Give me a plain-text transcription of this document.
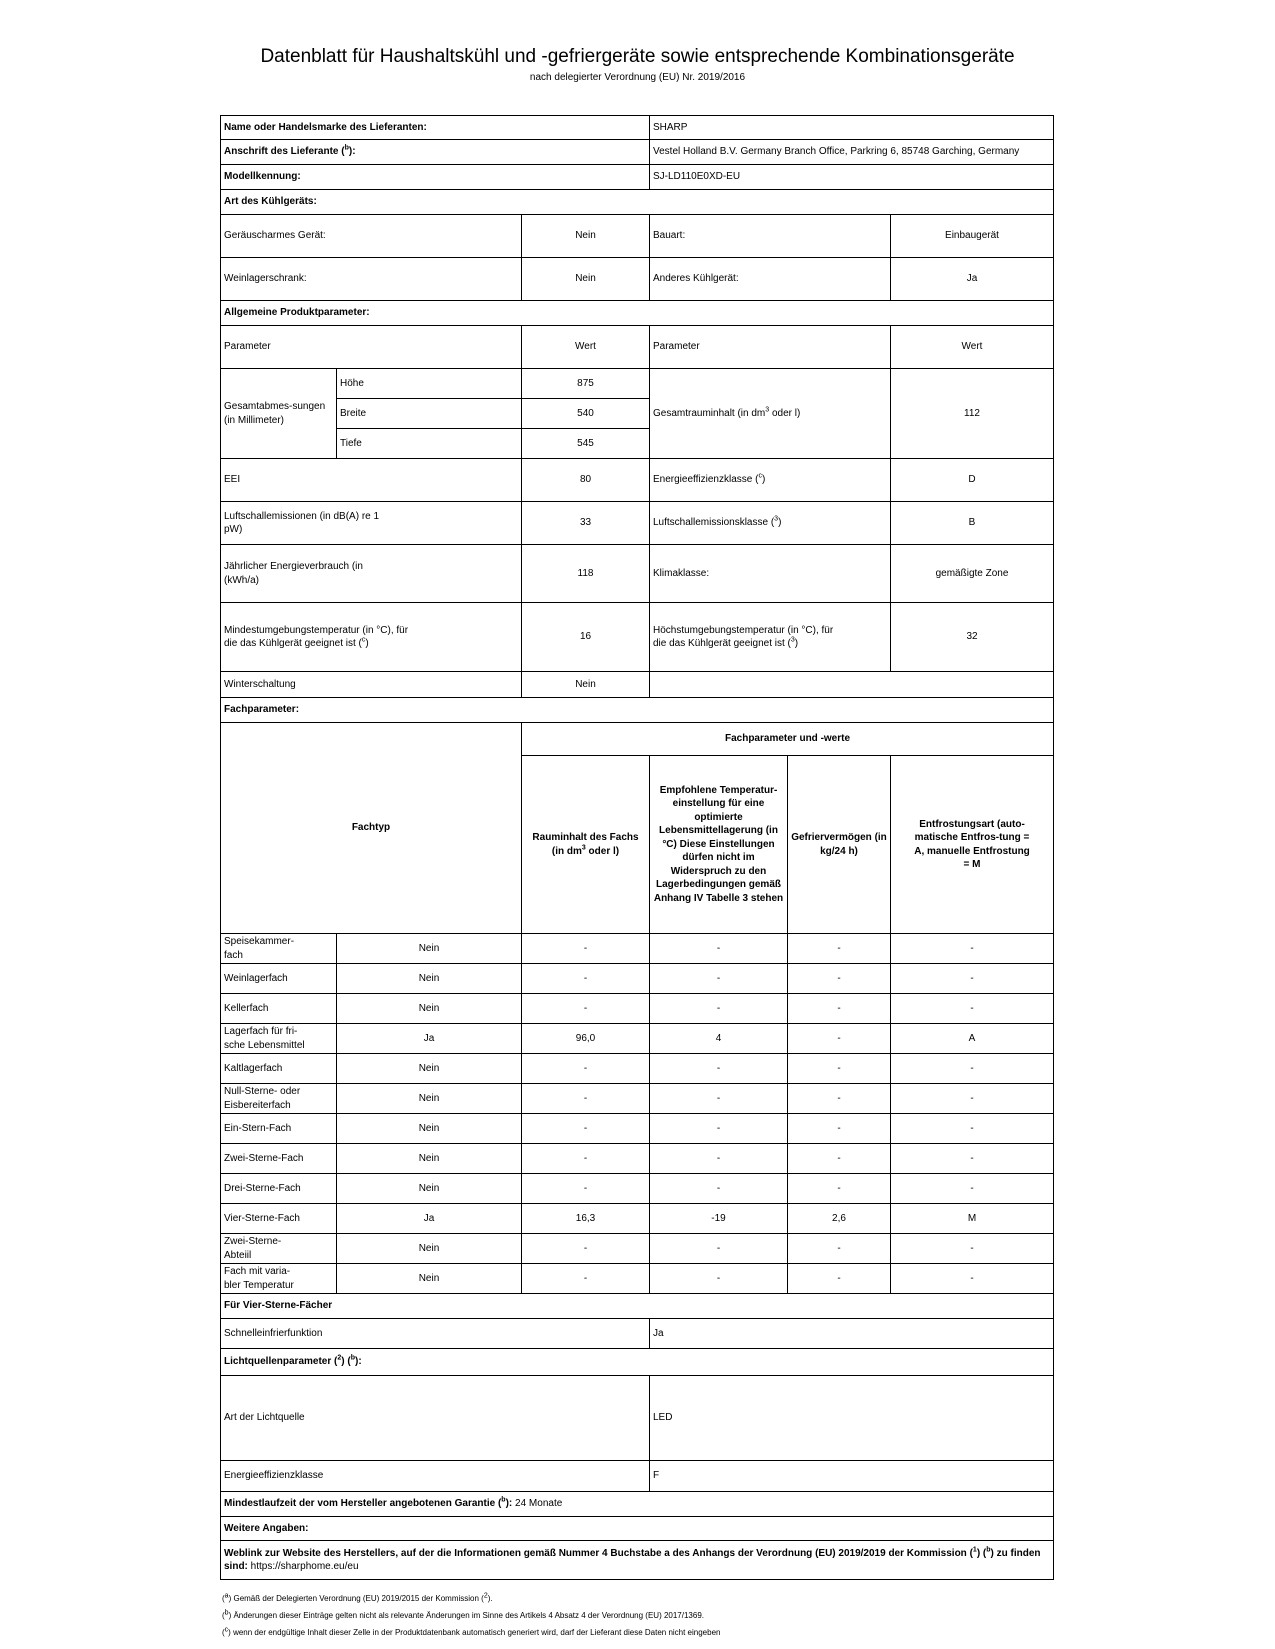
Datenblatt für Haushaltskühl und -gefriergeräte sowie entsprechende Kombinationsgeräte
nach delegierter Verordnung (EU) Nr. 2019/2016
Name oder Handelsmarke des Lieferanten:			SHARP		
Anschrift des Lieferante ($^b$):			Vestel Holland B.V. Germany Branch Office, Parkring 6, 85748 Garching, Germany		
Modellkennung:			SJ-LD110E0XD-EU		
Art des Kühlgeräts:					
Geräuscharmes Gerät:		Nein	Bauart:		Einbaugerät
Weinlagerschrank:		Nein	Anderes Kühlgerät:		Ja
Allgemeine Produktparameter:					
Parameter		Wert	Parameter		Wert
Gesamtabmes-sungen (in Millimeter)	Höhe	875	Gesamtrauminhalt (in $dm^3$ oder l)		112
	Breite	540			
	Tiefe	545			
EEI		80	Energieeffizienzklasse ($^c$)		D

Luftschallemissionen (in dB(A) re 1 pW)		33	Luftschallemissionsklasse ($^3$)		B

Jährlicher Energieverbrauch (in (kWh/a)		118	Klimaklasse:		gemäßigte Zone

Mindestumgebungstemperatur (in °C), für die das Kühlgerät geeignet ist ($^c$)		16	Höchstumgebungstemperatur (in °C), für die das Kühlgerät geeignet ist ($^3$)		32
Winterschaltung		Nein			
Fachparameter:					
Fachtyp		Fachparameter und -werte			
		Rauminhalt des Fachs (in $dm^3$ oder l)	Empfohlene Temperatur-einstellung für eine optimierte Lebensmittellagerung (in °C) Diese Einstellungen dürfen nicht im Widerspruch zu den Lagerbedingungen gemäß Anhang IV Tabelle 3 stehen	Gefriervermögen (in kg/24 h)	Entfrostungsart (auto-matische Entfros-tung = A, manuelle Entfrostung = M

Speisekammer-fach	Nein	-	-	-	-
Weinlagerfach	Nein	-	-	-	-
Kellerfach	Nein	-	-	-	-
Lagerfach für fri-sche Lebensmittel	Ja	96,0	4	-	A
Kaltlagerfach	Nein	-	-	-	-
Null-Sterne- oder Eisbereiterfach	Nein	-	-	-	-
Ein-Stern-Fach	Nein	-	-	-	-
Zwei-Sterne-Fach	Nein	-	-	-	-
Drei-Sterne-Fach	Nein	-	-	-	-
Vier-Sterne-Fach	Ja	16,3	-19	2,6	M
Zwei-Sterne-Abteiil	Nein	-	-	-	-
Fach mit varia-bler Temperatur	Nein	-	-	-	-
Für Vier-Sterne-Fächer					
Schnelleinfrierfunktion			Ja		
Lichtquellenparameter ($^2$) ($^b$):					
Art der Lichtquelle			LED		
Energieeffizienzklasse			F		
Mindestlaufzeit der vom Hersteller angebotenen Garantie ($^b$): 24 Monate					
Weitere Angaben:					
Weblink zur Website des Herstellers, auf der die Informationen gemäß Nummer 4 Buchstabe a des Anhangs der Verordnung (EU) 2019/2019 der Kommission ($^1$) ($^b$) zu finden sind: https://sharphome.eu/eu					
($^a$) Gemäß der Delegierten Verordnung (EU) 2019/2015 der Kommission ($^2$).
($^b$) Änderungen dieser Einträge gelten nicht als relevante Änderungen im Sinne des Artikels 4 Absatz 4 der Verordnung (EU) 2017/1369.
($^c$) wenn der endgültige Inhalt dieser Zelle in der Produktdatenbank automatisch generiert wird, darf der Lieferant diese Daten nicht eingeben
